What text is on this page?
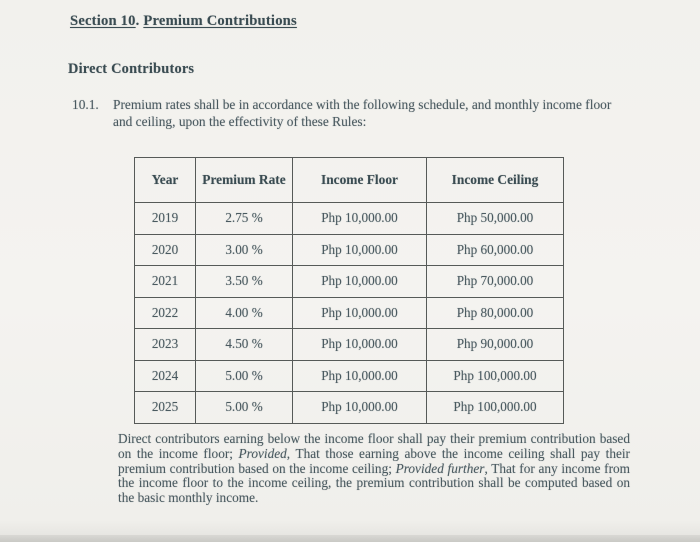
Section 10. Premium Contributions
Direct Contributors
10.1.	Premium rates shall be in accordance with the following schedule, and monthly income floor and ceiling, upon the effectivity of these Rules:
Year	Premium Rate	Income Floor	Income Ceiling
2019	2.75 %	Php 10,000.00	Php 50,000.00
2020	3.00 %	Php 10,000.00	Php 60,000.00
2021	3.50 %	Php 10,000.00	Php 70,000.00
2022	4.00 %	Php 10,000.00	Php 80,000.00
2023	4.50 %	Php 10,000.00	Php 90,000.00
2024	5.00 %	Php 10,000.00	Php 100,000.00
2025	5.00 %	Php 10,000.00	Php 100,000.00
Direct contributors earning below the income floor shall pay their premium contribution based on the income floor; Provided, That those earning above the income ceiling shall pay their premium contribution based on the income ceiling; Provided further, That for any income from the income floor to the income ceiling, the premium contribution shall be computed based on the basic monthly income.
